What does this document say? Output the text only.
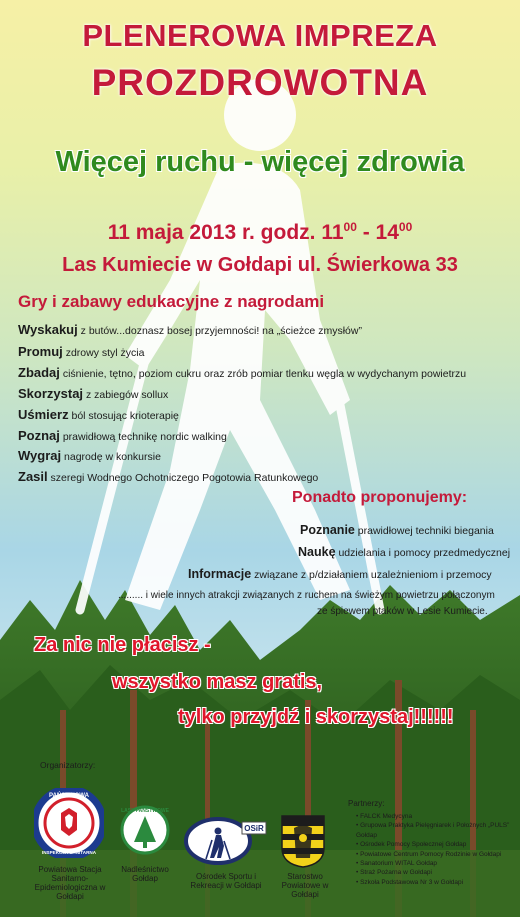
PLENEROWA IMPREZA
PROZDROWOTNA
Więcej ruchu - więcej zdrowia
11 maja 2013 r. godz. $11^{00} - 14^{00}$
Las Kumiecie w Gołdapi ul. Świerkowa 33
Gry i zabawy edukacyjne z nagrodami
Wyskakuj z butów...doznasz bosej przyjemności! na „ścieżce zmysłów”
Promuj zdrowy styl życia
Zbadaj ciśnienie, tętno, poziom cukru oraz zrób pomiar tlenku węgla w wydychanym powietrzu
Skorzystaj z zabiegów sollux
Uśmierz ból stosując krioterapię
Poznaj prawidłową technikę nordic walking
Wygraj nagrodę w konkursie
Zasil szeregi Wodnego Ochotniczego Pogotowia Ratunkowego
Ponadto proponujemy:
Poznanie prawidłowej techniki biegania
Naukę udzielania i pomocy przedmedycznej
Informacje związane z p/działaniem uzależnieniom i przemocy
......... i wiele innych atrakcji związanych z ruchem na świeżym powietrzu połączonym
ze śpiewem ptaków w Lesie Kumiecie.
Za nic nie płacisz -
wszystko masz gratis,
tylko przyjdź i skorzystaj!!!!!!
Organizatorzy:
PAŃSTWOWA
INSPEKCJA SANITARNA
LASY PAŃSTWOWE
OSiR
Powiatowa Stacja Sanitarno-Epidemiologiczna w Gołdapi
Nadleśnictwo Gołdap	Ośrodek Sportu i Rekreacji w Gołdapi
Starostwo Powiatowe w Gołdapi
Partnerzy:
• FALCK Medycyna
• Grupowa Praktyka Pielęgniarek i Położnych „PULS” Gołdap
• Ośrodek Pomocy Społecznej Gołdap
• Powiatowe Centrum Pomocy Rodzinie w Gołdapi
• Sanatorium WITAL Gołdap
• Straż Pożarna w Gołdapi
• Szkoła Podstawowa Nr 3 w Gołdapi
